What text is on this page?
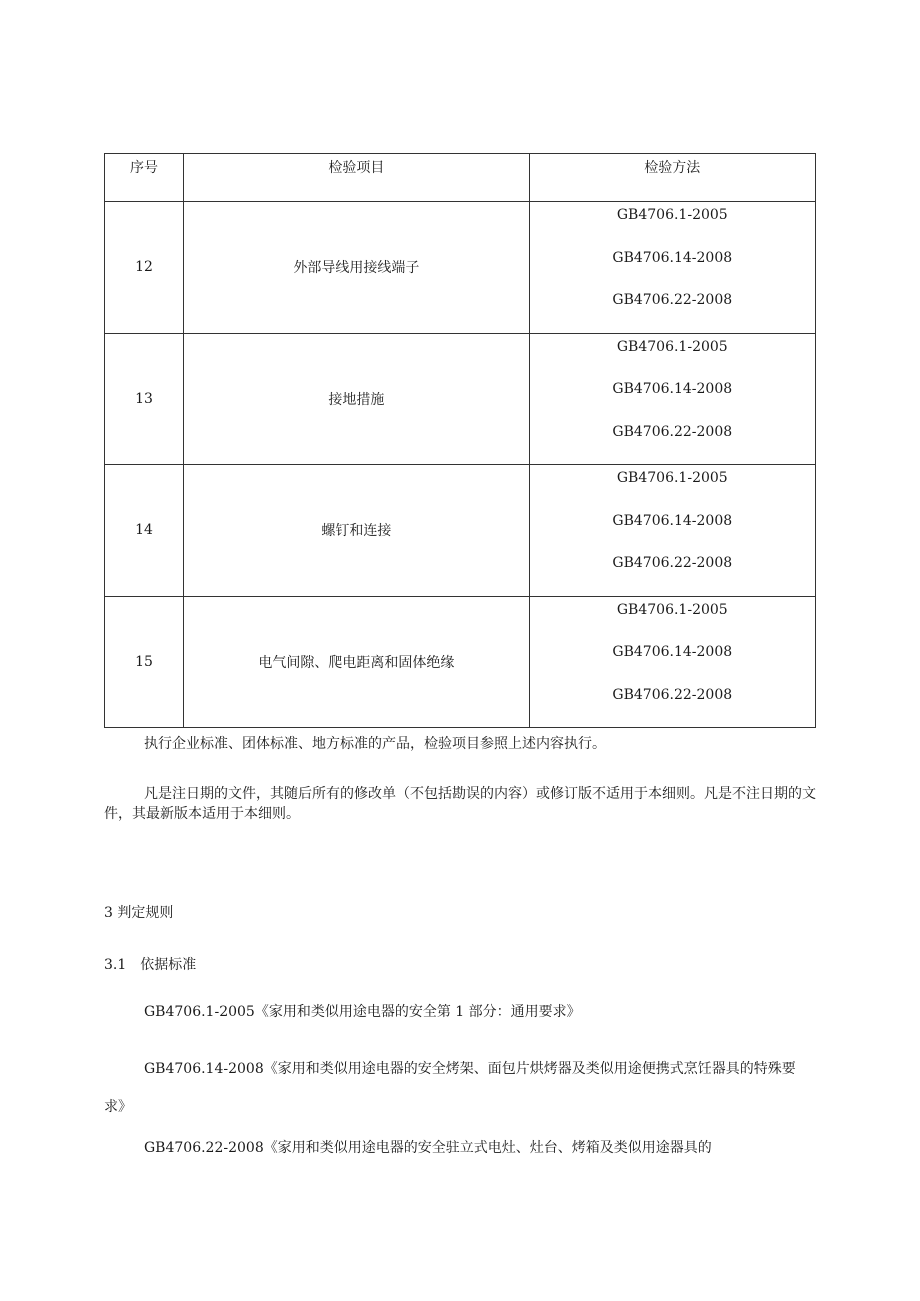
序号	检验项目	检验方法
12	外部导线用接线端子	GB4706.1-2005
GB4706.14-2008
GB4706.22-2008

13	接地措施	GB4706.1-2005
GB4706.14-2008
GB4706.22-2008

14	螺钉和连接	GB4706.1-2005
GB4706.14-2008
GB4706.22-2008

15	电气间隙、爬电距离和固体绝缘	GB4706.1-2005
GB4706.14-2008
GB4706.22-2008

执行企业标准、团体标准、地方标准的产品，检验项目参照上述内容执行。

凡是注日期的文件，其随后所有的修改单（不包括勘误的内容）或修订版不适用于本细则。凡是不注日期的文件，其最新版本适用于本细则。

3 判定规则

3.1　依据标准

GB4706.1-2005《家用和类似用途电器的安全第 1 部分：通用要求》

GB4706.14-2008《家用和类似用途电器的安全烤架、面包片烘烤器及类似用途便携式烹饪器具的特殊要求》

GB4706.22-2008《家用和类似用途电器的安全驻立式电灶、灶台、烤箱及类似用途器具的
